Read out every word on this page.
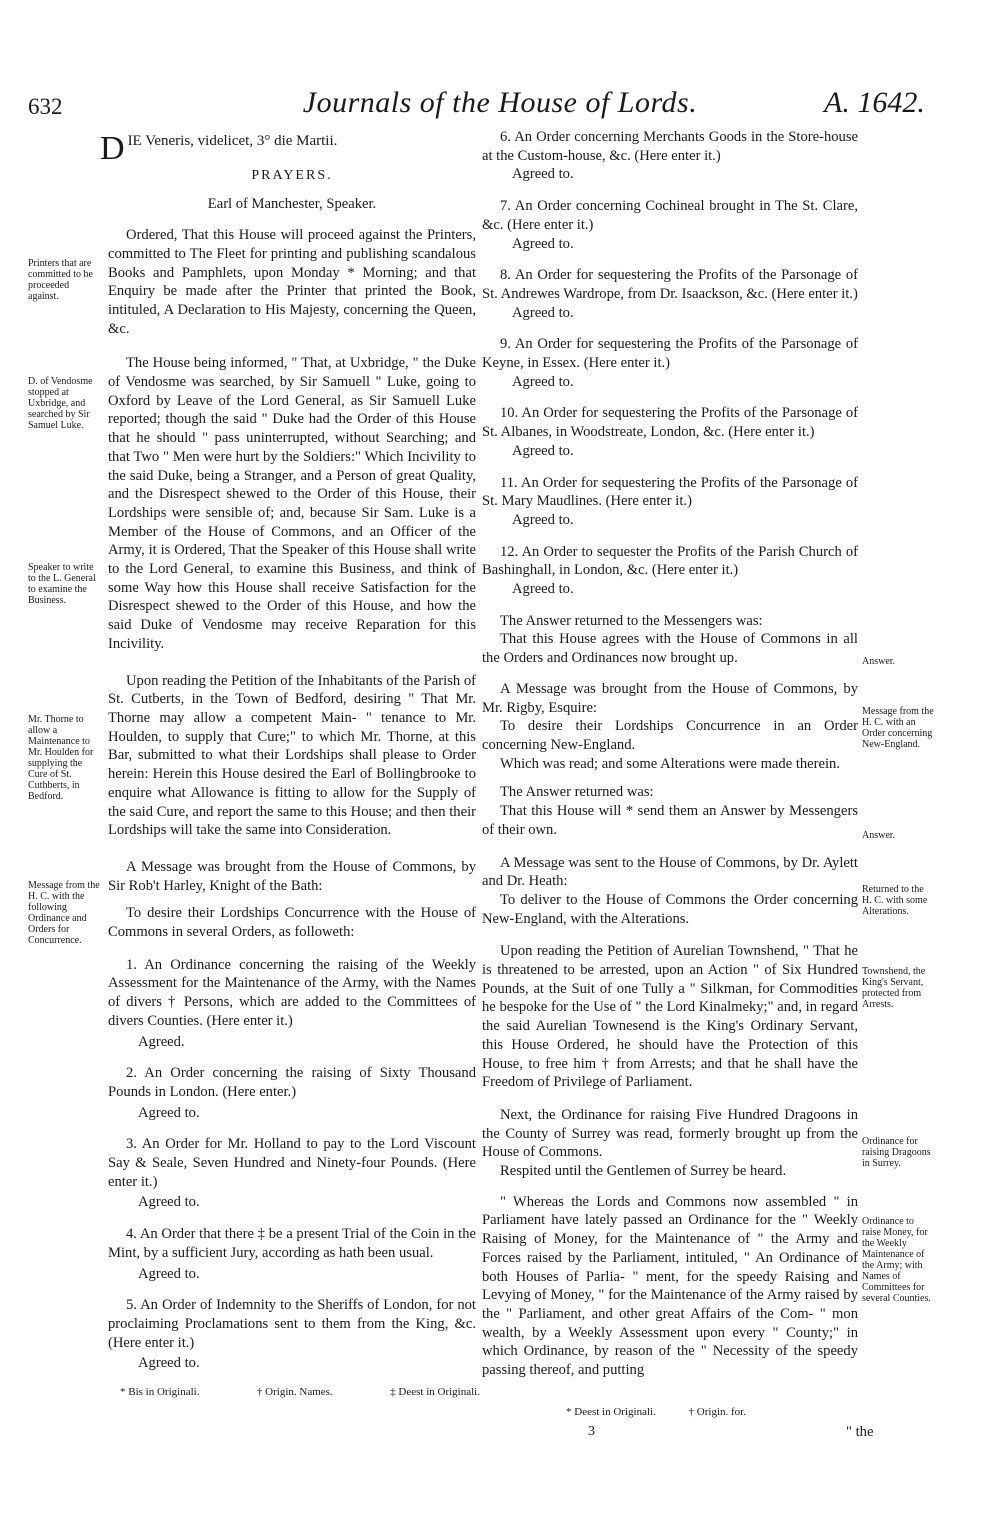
632	Journals of the House of Lords.	A. 1642.
DIE Veneris, videlicet, 3° die Martii.
PRAYERS.
Earl of Manchester, Speaker.

Ordered, That this House will proceed against the Printers, committed to The Fleet for printing and publishing scandalous Books and Pamphlets, upon Monday * Morning; and that Enquiry be made after the Printer that printed the Book, intituled, A Declaration to His Majesty, concerning the Queen, &c.

The House being informed, " That, at Uxbridge, " the Duke of Vendosme was searched, by Sir Samuell " Luke, going to Oxford by Leave of the Lord General, as Sir Samuell Luke reported; though the said " Duke had the Order of this House that he should " pass uninterrupted, without Searching; and that Two " Men were hurt by the Soldiers:" Which Incivility to the said Duke, being a Stranger, and a Person of great Quality, and the Disrespect shewed to the Order of this House, their Lordships were sensible of; and, because Sir Sam. Luke is a Member of the House of Commons, and an Officer of the Army, it is Ordered, That the Speaker of this House shall write to the Lord General, to examine this Business, and think of some Way how this House shall receive Satisfaction for the Disrespect shewed to the Order of this House, and how the said Duke of Vendosme may receive Reparation for this Incivility.

Upon reading the Petition of the Inhabitants of the Parish of St. Cutberts, in the Town of Bedford, desiring " That Mr. Thorne may allow a competent Main- " tenance to Mr. Houlden, to supply that Cure;" to which Mr. Thorne, at this Bar, submitted to what their Lordships shall please to Order herein: Herein this House desired the Earl of Bollingbrooke to enquire what Allowance is fitting to allow for the Supply of the said Cure, and report the same to this House; and then their Lordships will take the same into Consideration.

A Message was brought from the House of Commons, by Sir Rob't Harley, Knight of the Bath:

To desire their Lordships Concurrence with the House of Commons in several Orders, as followeth:

1. An Ordinance concerning the raising of the Weekly Assessment for the Maintenance of the Army, with the Names of divers † Persons, which are added to the Committees of divers Counties. (Here enter it.)

Agreed.

2. An Order concerning the raising of Sixty Thousand Pounds in London. (Here enter.)

Agreed to.

3. An Order for Mr. Holland to pay to the Lord Viscount Say & Seale, Seven Hundred and Ninety-four Pounds. (Here enter it.)

Agreed to.

4. An Order that there ‡ be a present Trial of the Coin in the Mint, by a sufficient Jury, according as hath been usual.

Agreed to.

5. An Order of Indemnity to the Sheriffs of London, for not proclaiming Proclamations sent to them from the King, &c. (Here enter it.)

Agreed to.

6. An Order concerning Merchants Goods in the Store-house at the Custom-house, &c. (Here enter it.)

Agreed to.

7. An Order concerning Cochineal brought in The St. Clare, &c. (Here enter it.)

Agreed to.

8. An Order for sequestering the Profits of the Parsonage of St. Andrewes Wardrope, from Dr. Isaackson, &c. (Here enter it.)

Agreed to.

9. An Order for sequestering the Profits of the Parsonage of Keyne, in Essex. (Here enter it.)

Agreed to.

10. An Order for sequestering the Profits of the Parsonage of St. Albanes, in Woodstreate, London, &c. (Here enter it.)

Agreed to.

11. An Order for sequestering the Profits of the Parsonage of St. Mary Maudlines. (Here enter it.)

Agreed to.

12. An Order to sequester the Profits of the Parish Church of Bashinghall, in London, &c. (Here enter it.)

Agreed to.

The Answer returned to the Messengers was:

That this House agrees with the House of Commons in all the Orders and Ordinances now brought up.

A Message was brought from the House of Commons, by Mr. Rigby, Esquire:

To desire their Lordships Concurrence in an Order concerning New-England.

Which was read; and some Alterations were made therein.

The Answer returned was:

That this House will * send them an Answer by Messengers of their own.

A Message was sent to the House of Commons, by Dr. Aylett and Dr. Heath:

To deliver to the House of Commons the Order concerning New-England, with the Alterations.

Upon reading the Petition of Aurelian Townshend, " That he is threatened to be arrested, upon an Action " of Six Hundred Pounds, at the Suit of one Tully a " Silkman, for Commodities he bespoke for the Use of " the Lord Kinalmeky;" and, in regard the said Aurelian Townesend is the King's Ordinary Servant, this House Ordered, he should have the Protection of this House, to free him † from Arrests; and that he shall have the Freedom of Privilege of Parliament.

Next, the Ordinance for raising Five Hundred Dragoons in the County of Surrey was read, formerly brought up from the House of Commons.

Respited until the Gentlemen of Surrey be heard.

" Whereas the Lords and Commons now assembled " in Parliament have lately passed an Ordinance for the " Weekly Raising of Money, for the Maintenance of " the Army and Forces raised by the Parliament, intituled, " An Ordinance of both Houses of Parlia- " ment, for the speedy Raising and Levying of Money, " for the Maintenance of the Army raised by the " Parliament, and other great Affairs of the Com- " mon wealth, by a Weekly Assessment upon every " County;" in which Ordinance, by reason of the " Necessity of the speedy passing thereof, and putting

Printers that are committed to be proceeded against.
D. of Vendosme stopped at Uxbridge, and searched by Sir Samuel Luke.
Speaker to write to the L. General to examine the Business.
Mr. Thorne to allow a Maintenance to Mr. Houlden for supplying the Cure of St. Cuthberts, in Bedford.
Message from the H. C. with the following Ordinance and Orders for Concurrence.
Answer.
Message from the H. C. with an Order concerning New-England.
Answer.
Returned to the H. C. with some Alterations.
Townshend, the King's Servant, protected from Arrests.
Ordinance for raising Dragoons in Surrey.
Ordinance to raise Money, for the Weekly Maintenance of the Army; with Names of Committees for several Counties.
* Bis in Originali.	† Origin. Names.	‡ Deest in Originali.
* Deest in Originali.	† Origin. for.
3	" the
